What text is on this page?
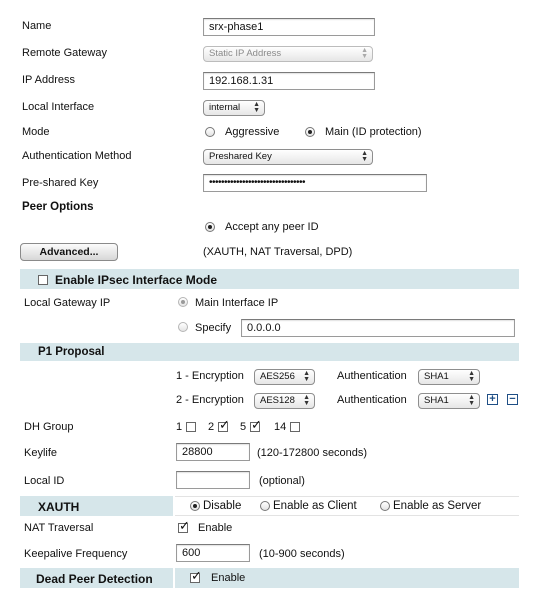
Name	srx-phase1
Remote Gateway	Static IP Address	▲
▼
IP Address	192.168.1.31
Local Interface	internal ▲
▼
Mode	Aggressive	Main (ID protection)
Authentication Method	Preshared Key	▲
▼
Pre-shared Key	••••••••••••••••••••••••••••••••
Peer Options
Accept any peer ID
Advanced...	(XAUTH, NAT Traversal, DPD)
Enable IPsec Interface Mode
Local Gateway IP	Main Interface IP
Specify	0.0.0.0
P1 Proposal
1 - Encryption	AES256 ▲
▼ Authentication	SHA1	▲
▼
2 - Encryption	AES128 ▲
▼ Authentication	SHA1	▲
▼ + −
DH Group	1 2 ✓ 5 ✓	14
Keylife	28800	(120-172800 seconds)
Local ID	(optional)
XAUTH	Disable	Enable as Client	Enable as Server
NAT Traversal ✓	Enable
Keepalive Frequency	600	(10-900 seconds)
Dead Peer Detection ✓	Enable
